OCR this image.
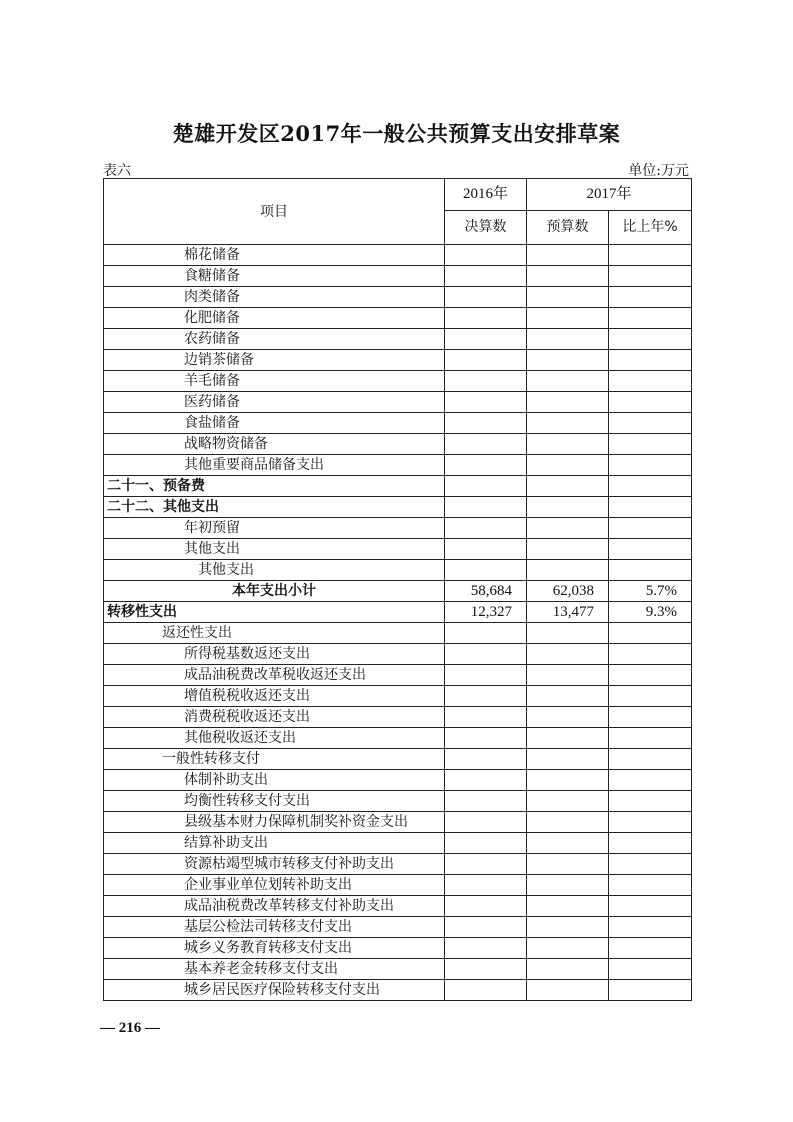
楚雄开发区2017年一般公共预算支出安排草案
表六	单位:万元
项目	2016年	2017年	
	决算数	预算数	比上年%
棉花储备			
食糖储备			
肉类储备			
化肥储备			
农药储备			
边销茶储备			
羊毛储备			
医药储备			
食盐储备			
战略物资储备			
其他重要商品储备支出			
二十一、预备费			
二十二、其他支出			
年初预留			
其他支出			
其他支出			
本年支出小计	58,684	62,038	5.7%
转移性支出	12,327	13,477	9.3%
返还性支出			
所得税基数返还支出			
成品油税费改革税收返还支出			
增值税税收返还支出			
消费税税收返还支出			
其他税收返还支出			
一般性转移支付			
体制补助支出			
均衡性转移支付支出			
县级基本财力保障机制奖补资金支出			
结算补助支出			
资源枯竭型城市转移支付补助支出			
企业事业单位划转补助支出			
成品油税费改革转移支付补助支出			
基层公检法司转移支付支出			
城乡义务教育转移支付支出			
基本养老金转移支付支出			
城乡居民医疗保险转移支付支出			
— 216 —
